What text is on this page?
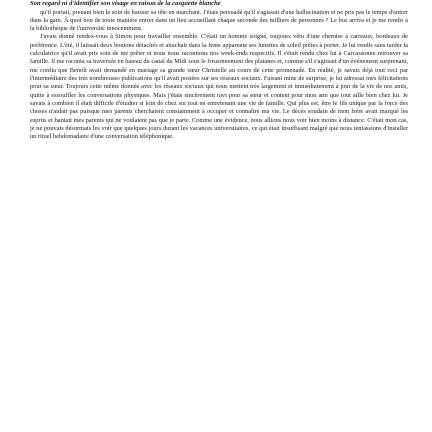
Son regard ni d'identifier son visage en raison de la casquette blanche

qu'il portait, prenant bien le soin de baisser sa tête en marchant. J'étais persuadé qu'il s'agissait d'une hallucination et ne pris pas le temps d'entrer dans la gare. À quoi bon de toute manière entrer dans un lieu accueillant chaque seconde des milliers de personnes ? Le bus arriva et je me rendis à la bibliothèque de l'université innocemment.

J'avais donné rendez-vous à Simon pour travailler ensemble. C'était un homme soigné, toujours vêtu d'une chemise à carreaux, bordeaux de préférence. L'été, il laissait deux boutons détachés et attachait dans la fente apparente ses lunettes de soleil prêtes à porter. Je lui rendis sans tarder la calculatrice qu'il avait pris soin de me prêter et nous nous racontions nos week-ends respectifs. Il s'était rendu chez lui à Carcassonne retrouver sa famille. Il me raconta sa traversée en bateau du canal du Midi sous le frissonnement des platanes et, comme s'il s'agissait d'un événement surprenant, me confia que Benoît avait demandé en mariage sa grande sœur Christelle au cours de cette promenade. En réalité, je savais déjà tout ceci par l'intermédiaire des très nombreuses publications qu'il avait postées sur ses réseaux sociaux. Faisant mine de surprise, je lui adressai mes félicitations pour sa sœur. Toujours cette même donnée avec les réseaux sociaux qui nous mettent très largement et immédiatement à jour de la vie de nos amis, quitte à essouffler les conversations physiques. Mais j'étais sincèrement ravi pour sa sœur et content pour mon ami que tout aille bien chez lui. Je savais à combien il était difficile d'étudier si loin de chez soi tout en entretenant une vie de famille. Qui plus est, être le fils unique par la force des choses n'aidait pas puisque mes parents cherchaient constamment à occuper et connaître ma vie. Le décès soudain de mon frère avait marqué les esprits et hantait mes parents qui ne voulaient pas que je parte. Comme une évidence, nous allions nous voir bien moins à distance. C'était mon cas, je ne pouvais désormais les voir que quelques jours durant les vacances universitaires, ce qui était insuffisant malgré que nous tentassions d'installer un rituel hebdomadaire d'une conversation téléphonique.
